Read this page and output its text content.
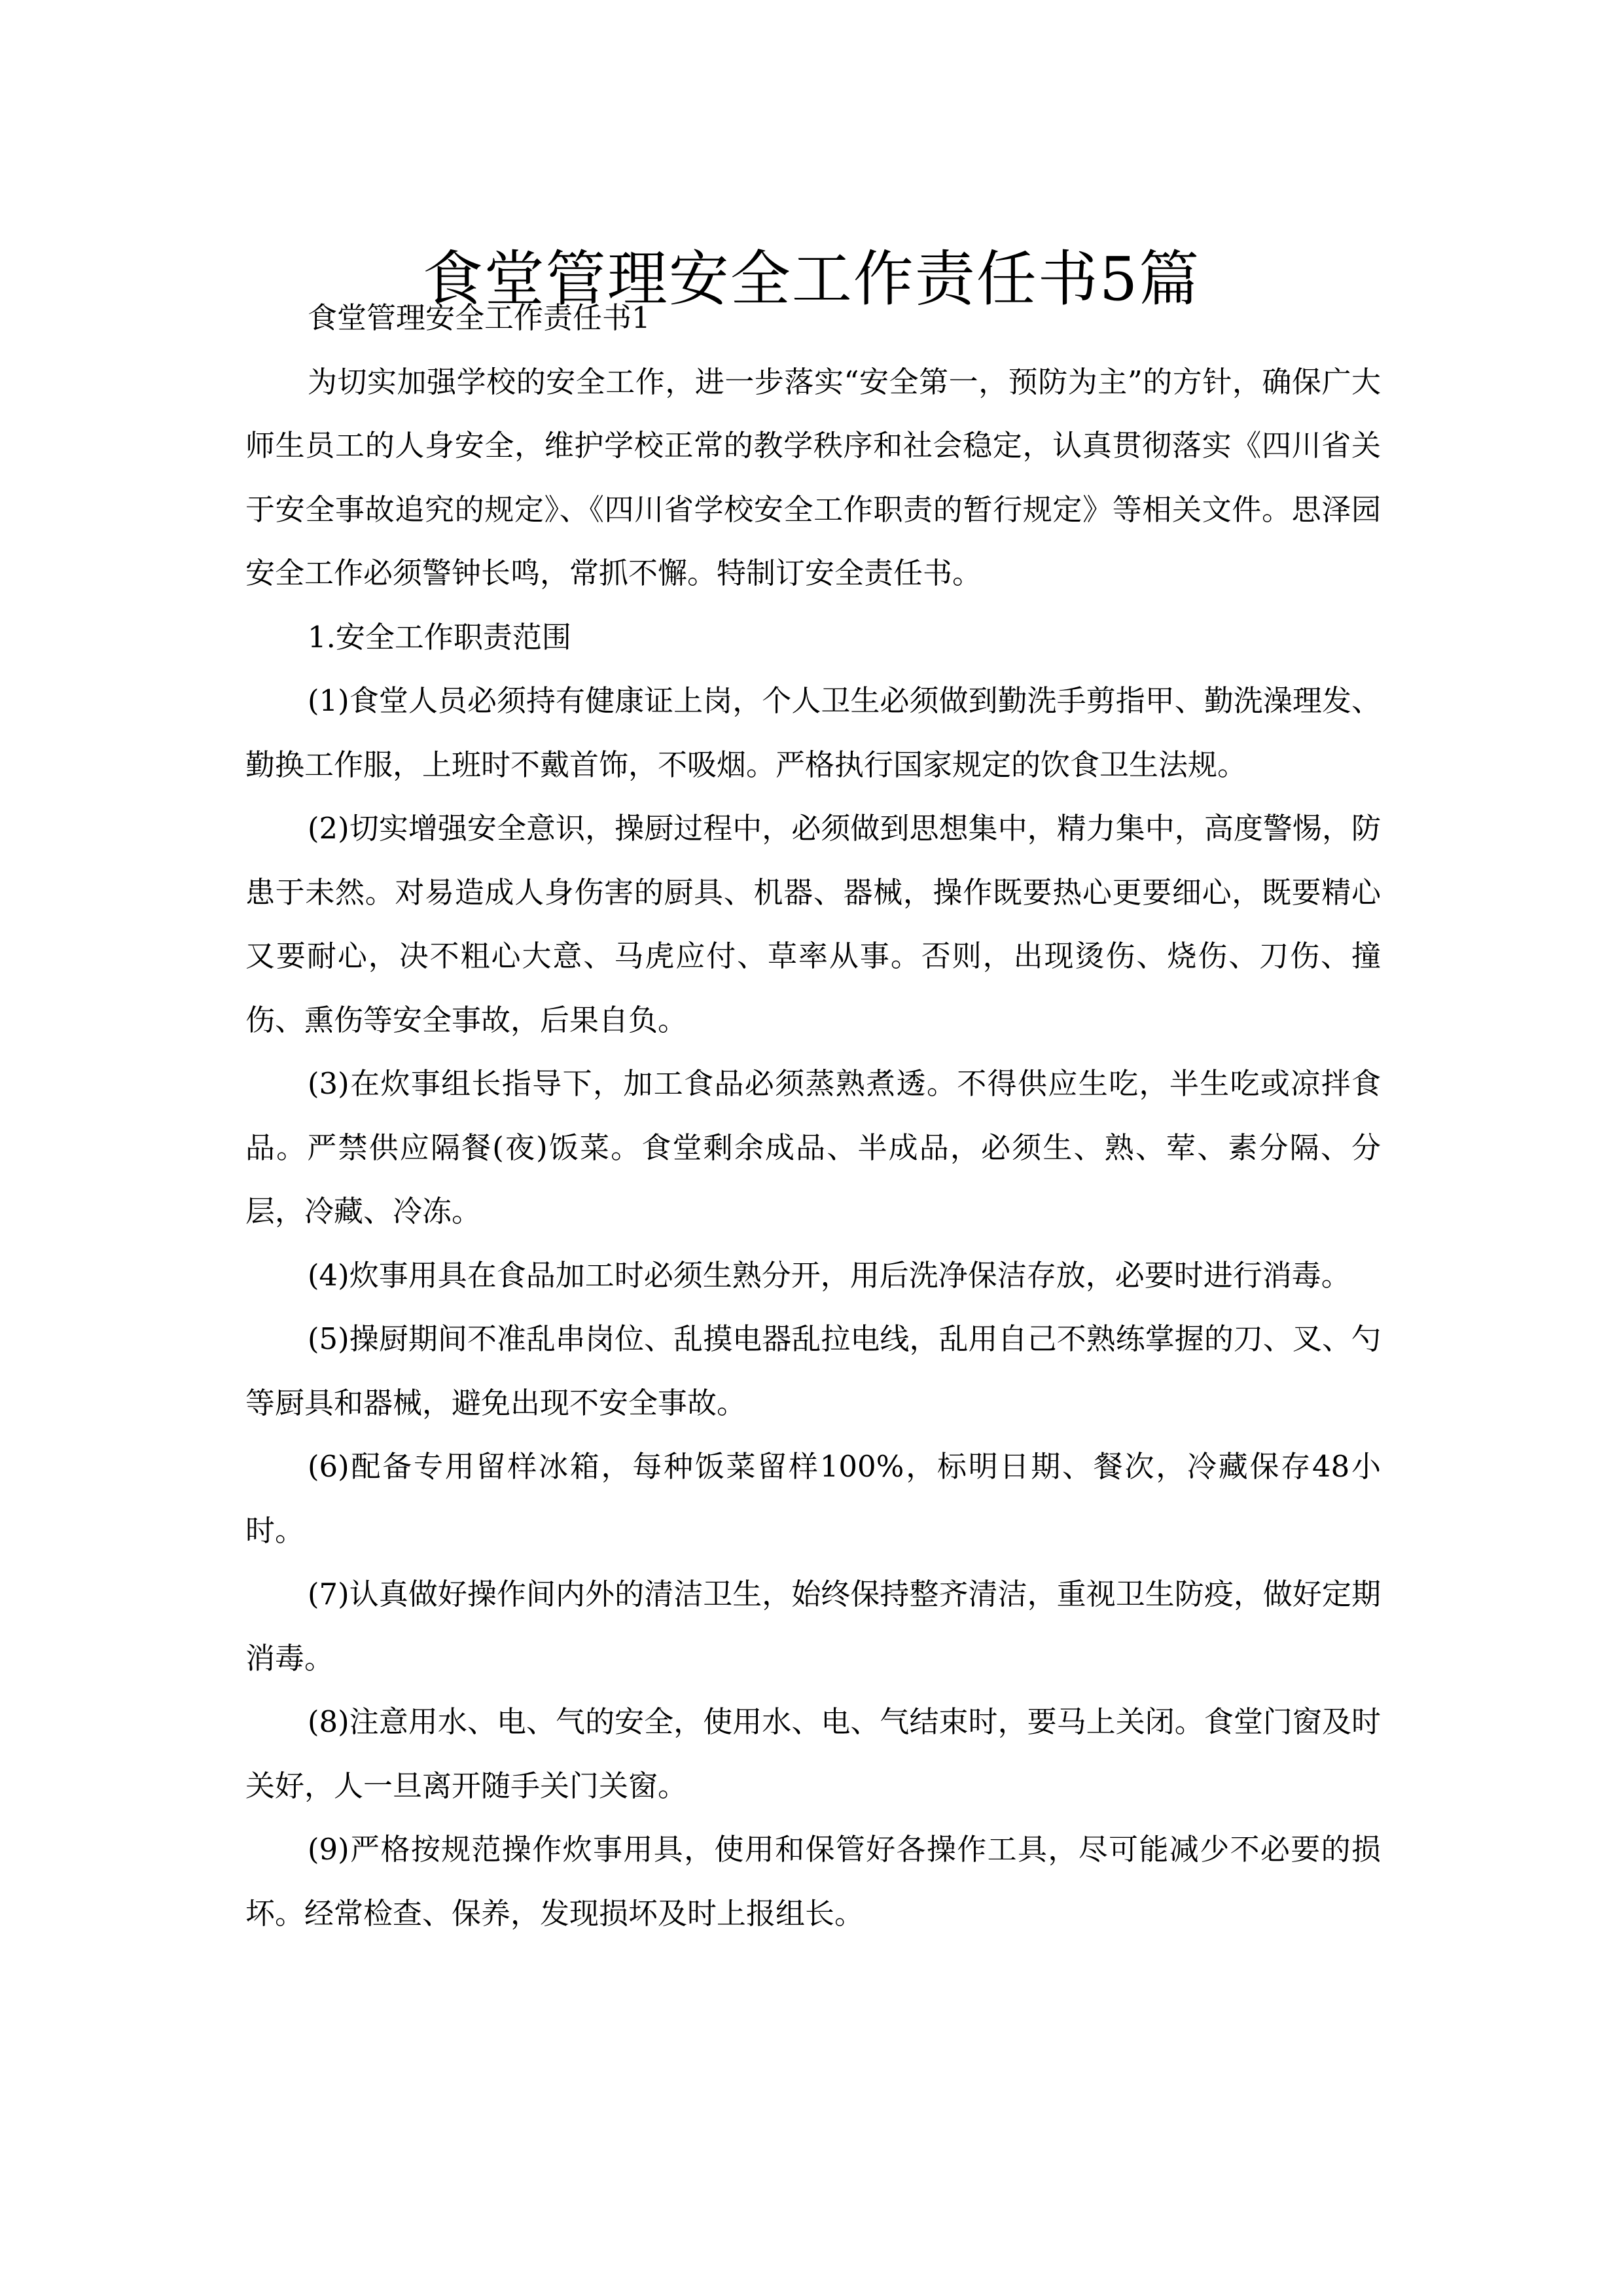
食堂管理安全工作责任书5篇

食堂管理安全工作责任书1

为切实加强学校的安全工作，进一步落实“安全第一，预防为主”的方针，确保广大师生员工的人身安全，维护学校正常的教学秩序和社会稳定，认真贯彻落实《四川省关于安全事故追究的规定》、《四川省学校安全工作职责的暂行规定》等相关文件。思泽园安全工作必须警钟长鸣，常抓不懈。特制订安全责任书。

1.安全工作职责范围

(1)食堂人员必须持有健康证上岗，个人卫生必须做到勤洗手剪指甲、勤洗澡理发、勤换工作服，上班时不戴首饰，不吸烟。严格执行国家规定的饮食卫生法规。

(2)切实增强安全意识，操厨过程中，必须做到思想集中，精力集中，高度警惕，防患于未然。对易造成人身伤害的厨具、机器、器械，操作既要热心更要细心，既要精心又要耐心，决不粗心大意、马虎应付、草率从事。否则，出现烫伤、烧伤、刀伤、撞伤、熏伤等安全事故，后果自负。

(3)在炊事组长指导下，加工食品必须蒸熟煮透。不得供应生吃，半生吃或凉拌食品。严禁供应隔餐(夜)饭菜。食堂剩余成品、半成品，必须生、熟、荤、素分隔、分层，冷藏、冷冻。

(4)炊事用具在食品加工时必须生熟分开，用后洗净保洁存放，必要时进行消毒。

(5)操厨期间不准乱串岗位、乱摸电器乱拉电线，乱用自己不熟练掌握的刀、叉、勺等厨具和器械，避免出现不安全事故。

(6)配备专用留样冰箱，每种饭菜留样100%，标明日期、餐次，冷藏保存48小时。

(7)认真做好操作间内外的清洁卫生，始终保持整齐清洁，重视卫生防疫，做好定期消毒。

(8)注意用水、电、气的安全，使用水、电、气结束时，要马上关闭。食堂门窗及时关好，人一旦离开随手关门关窗。

(9)严格按规范操作炊事用具，使用和保管好各操作工具，尽可能减少不必要的损坏。经常检查、保养，发现损坏及时上报组长。
